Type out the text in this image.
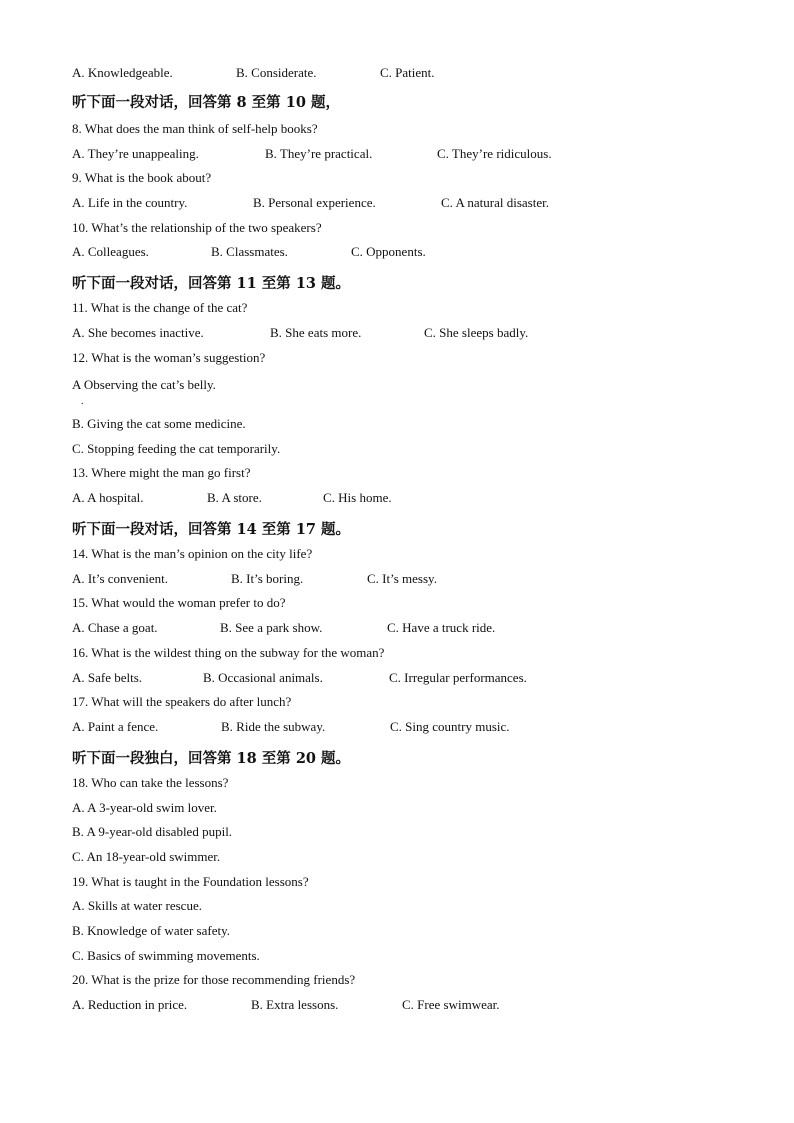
A. Knowledgeable.	B. Considerate.	C. Patient.
听下面一段对话，回答第 8 至第 10 题，
8. What does the man think of self-help books?
A. They’re unappealing.	B. They’re practical.	C. They’re ridiculous.
9. What is the book about?
A. Life in the country.	B. Personal experience.	C. A natural disaster.
10. What’s the relationship of the two speakers?
A. Colleagues.	B. Classmates.	C. Opponents.
听下面一段对话，回答第 11 至第 13 题。
11. What is the change of the cat?
A. She becomes inactive.	B. She eats more.	C. She sleeps badly.
12. What is the woman’s suggestion?
A Observing the cat’s belly.
.
B. Giving the cat some medicine.
C. Stopping feeding the cat temporarily.
13. Where might the man go first?
A. A hospital.	B. A store.	C. His home.
听下面一段对话，回答第 14 至第 17 题。
14. What is the man’s opinion on the city life?
A. It’s convenient.	B. It’s boring.	C. It’s messy.
15. What would the woman prefer to do?
A. Chase a goat.	B. See a park show.	C. Have a truck ride.
16. What is the wildest thing on the subway for the woman?
A. Safe belts.	B. Occasional animals.	C. Irregular performances.
17. What will the speakers do after lunch?
A. Paint a fence.	B. Ride the subway.	C. Sing country music.
听下面一段独白，回答第 18 至第 20 题。
18. Who can take the lessons?
A. A 3-year-old swim lover.
B. A 9-year-old disabled pupil.
C. An 18-year-old swimmer.
19. What is taught in the Foundation lessons?
A. Skills at water rescue.
B. Knowledge of water safety.
C. Basics of swimming movements.
20. What is the prize for those recommending friends?
A. Reduction in price.	B. Extra lessons.	C. Free swimwear.
